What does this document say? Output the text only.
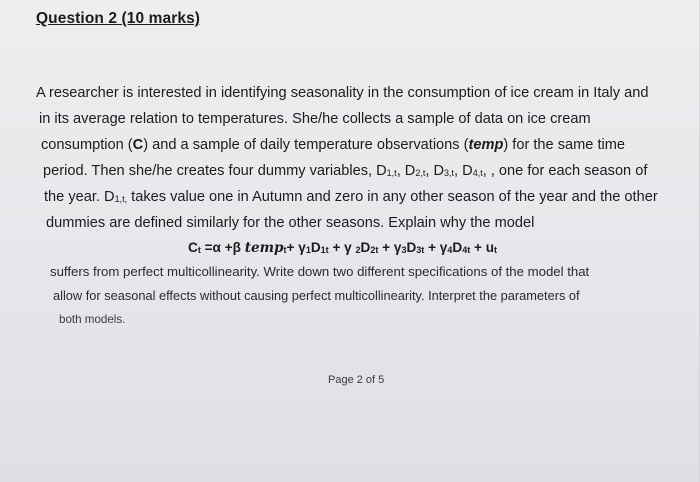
Question 2 (10 marks)
A researcher is interested in identifying seasonality in the consumption of ice cream in Italy and
in its average relation to temperatures. She/he collects a sample of data on ice cream
consumption (C) and a sample of daily temperature observations (temp) for the same time
period. Then she/he creates four dummy variables, $D_{1,t}$, $D_{2,t}$, $D_{3,t}$, $D_{4,t}$, , one for each season of
the year. $D_{1,t,}$ takes value one in Autumn and zero in any other season of the year and the other
dummies are defined similarly for the other seasons. Explain why the model
$C_t =\alpha +\beta$ temp$_t$+ $\gamma_1D_{1t} + \gamma$ $_2D_{2t} + \gamma_3D_{3t} + \gamma_4D_{4t} + u_t$
suffers from perfect multicollinearity. Write down two different specifications of the model that
allow for seasonal effects without causing perfect multicollinearity. Interpret the parameters of
both models.
Page 2 of 5
